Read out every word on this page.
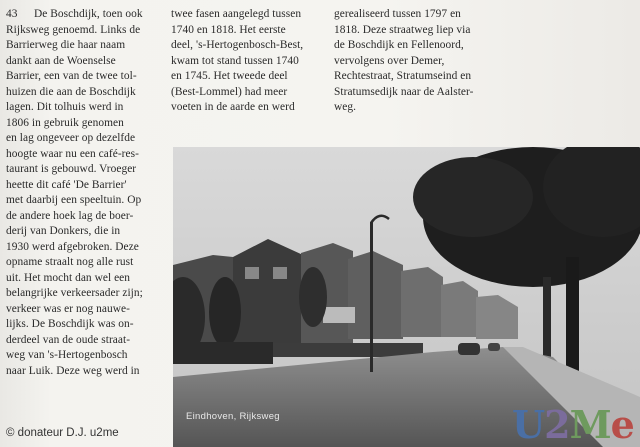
43 De Boschdijk, toen ook
Rijksweg genoemd. Links de
Barrierweg die haar naam
dankt aan de Woenselse
Barrier, een van de twee tol-
huizen die aan de Boschdijk
lagen. Dit tolhuis werd in
1806 in gebruik genomen
en lag ongeveer op dezelfde
hoogte waar nu een café-res-
taurant is gebouwd. Vroeger
heette dit café 'De Barrier'
met daarbij een speeltuin. Op
de andere hoek lag de boer-
derij van Donkers, die in
1930 werd afgebroken. Deze
opname straalt nog alle rust
uit. Het mocht dan wel een
belangrijke verkeersader zijn;
verkeer was er nog nauwe-
lijks. De Boschdijk was on-
derdeel van de oude straat-
weg van 's-Hertogenbosch
naar Luik. Deze weg werd in
twee fasen aangelegd tussen
1740 en 1818. Het eerste
deel, 's-Hertogenbosch-Best,
kwam tot stand tussen 1740
en 1745. Het tweede deel
(Best-Lommel) had meer
voeten in de aarde en werd
gerealiseerd tussen 1797 en
1818. Deze straatweg liep via
de Boschdijk en Fellenoord,
vervolgens over Demer,
Rechtestraat, Stratumseind en
Stratumsedijk naar de Aalster-
weg.
Eindhoven, Rijksweg
© donateur D.J. u2me	U2Me
